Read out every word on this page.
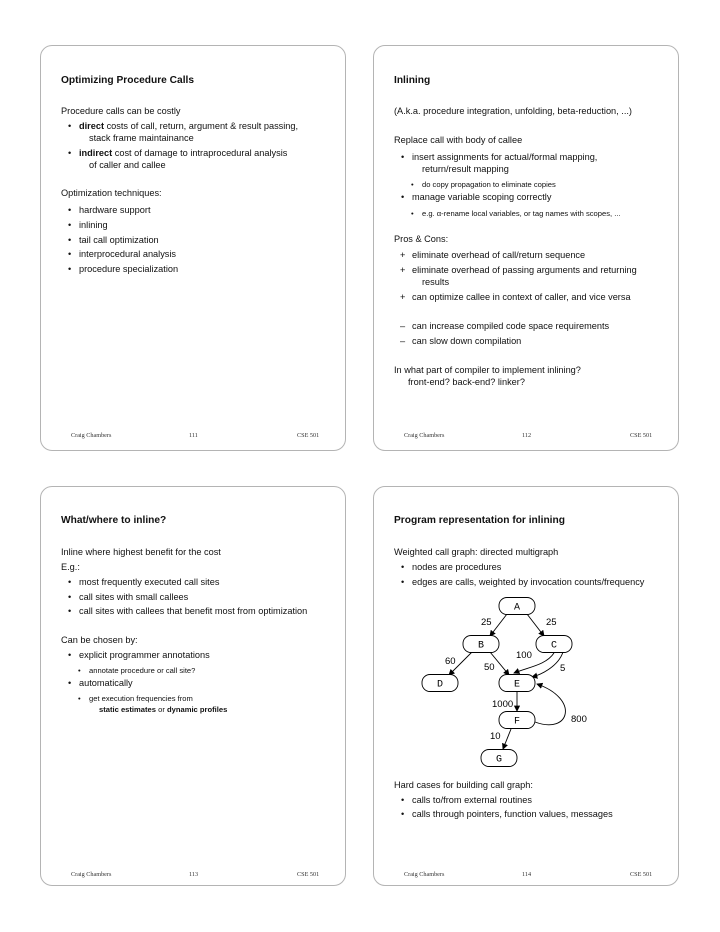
Optimizing Procedure Calls
Procedure calls can be costly
• direct costs of call, return, argument & result passing,
stack frame maintainance
• indirect cost of damage to intraprocedural analysis
of caller and callee
Optimization techniques:
• hardware support
• inlining
• tail call optimization
• interprocedural analysis
• procedure specialization
Craig Chambers	111	CSE 501
Inlining
(A.k.a. procedure integration, unfolding, beta-reduction, ...)
Replace call with body of callee
• insert assignments for actual/formal mapping,
return/result mapping
• do copy propagation to eliminate copies
• manage variable scoping correctly
• e.g. α-rename local variables, or tag names with scopes, ...
Pros & Cons:
+ eliminate overhead of call/return sequence
+ eliminate overhead of passing arguments and returning
results
+ can optimize callee in context of caller, and vice versa
– can increase compiled code space requirements
– can slow down compilation
In what part of compiler to implement inlining?
front-end? back-end? linker?
Craig Chambers	112	CSE 501
What/where to inline?
Inline where highest benefit for the cost
E.g.:
• most frequently executed call sites
• call sites with small callees
• call sites with callees that benefit most from optimization
Can be chosen by:
• explicit programmer annotations
• annotate procedure or call site?
• automatically
• get execution frequencies from
static estimates or dynamic profiles
Craig Chambers	113	CSE 501
Program representation for inlining
Weighted call graph: directed multigraph
• nodes are procedures
• edges are calls, weighted by invocation counts/frequency
25	25
60
50
100
5
1000
800
10
A
B	C
D	E
F
G
Hard cases for building call graph:
• calls to/from external routines
• calls through pointers, function values, messages
Craig Chambers	114	CSE 501
